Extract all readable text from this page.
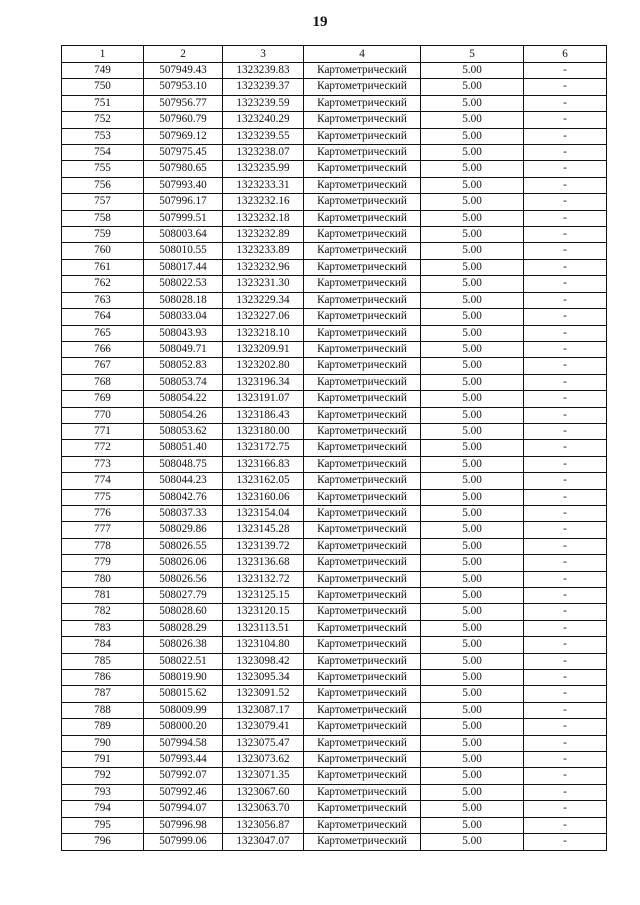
19
1	2	3	4	5	6
749	507949.43	1323239.83	Картометрический	5.00	-
750	507953.10	1323239.37	Картометрический	5.00	-
751	507956.77	1323239.59	Картометрический	5.00	-
752	507960.79	1323240.29	Картометрический	5.00	-
753	507969.12	1323239.55	Картометрический	5.00	-
754	507975.45	1323238.07	Картометрический	5.00	-
755	507980.65	1323235.99	Картометрический	5.00	-
756	507993.40	1323233.31	Картометрический	5.00	-
757	507996.17	1323232.16	Картометрический	5.00	-
758	507999.51	1323232.18	Картометрический	5.00	-
759	508003.64	1323232.89	Картометрический	5.00	-
760	508010.55	1323233.89	Картометрический	5.00	-
761	508017.44	1323232.96	Картометрический	5.00	-
762	508022.53	1323231.30	Картометрический	5.00	-
763	508028.18	1323229.34	Картометрический	5.00	-
764	508033.04	1323227.06	Картометрический	5.00	-
765	508043.93	1323218.10	Картометрический	5.00	-
766	508049.71	1323209.91	Картометрический	5.00	-
767	508052.83	1323202.80	Картометрический	5.00	-
768	508053.74	1323196.34	Картометрический	5.00	-
769	508054.22	1323191.07	Картометрический	5.00	-
770	508054.26	1323186.43	Картометрический	5.00	-
771	508053.62	1323180.00	Картометрический	5.00	-
772	508051.40	1323172.75	Картометрический	5.00	-
773	508048.75	1323166.83	Картометрический	5.00	-
774	508044.23	1323162.05	Картометрический	5.00	-
775	508042.76	1323160.06	Картометрический	5.00	-
776	508037.33	1323154.04	Картометрический	5.00	-
777	508029.86	1323145.28	Картометрический	5.00	-
778	508026.55	1323139.72	Картометрический	5.00	-
779	508026.06	1323136.68	Картометрический	5.00	-
780	508026.56	1323132.72	Картометрический	5.00	-
781	508027.79	1323125.15	Картометрический	5.00	-
782	508028.60	1323120.15	Картометрический	5.00	-
783	508028.29	1323113.51	Картометрический	5.00	-
784	508026.38	1323104.80	Картометрический	5.00	-
785	508022.51	1323098.42	Картометрический	5.00	-
786	508019.90	1323095.34	Картометрический	5.00	-
787	508015.62	1323091.52	Картометрический	5.00	-
788	508009.99	1323087.17	Картометрический	5.00	-
789	508000.20	1323079.41	Картометрический	5.00	-
790	507994.58	1323075.47	Картометрический	5.00	-
791	507993.44	1323073.62	Картометрический	5.00	-
792	507992.07	1323071.35	Картометрический	5.00	-
793	507992.46	1323067.60	Картометрический	5.00	-
794	507994.07	1323063.70	Картометрический	5.00	-
795	507996.98	1323056.87	Картометрический	5.00	-
796	507999.06	1323047.07	Картометрический	5.00	-
